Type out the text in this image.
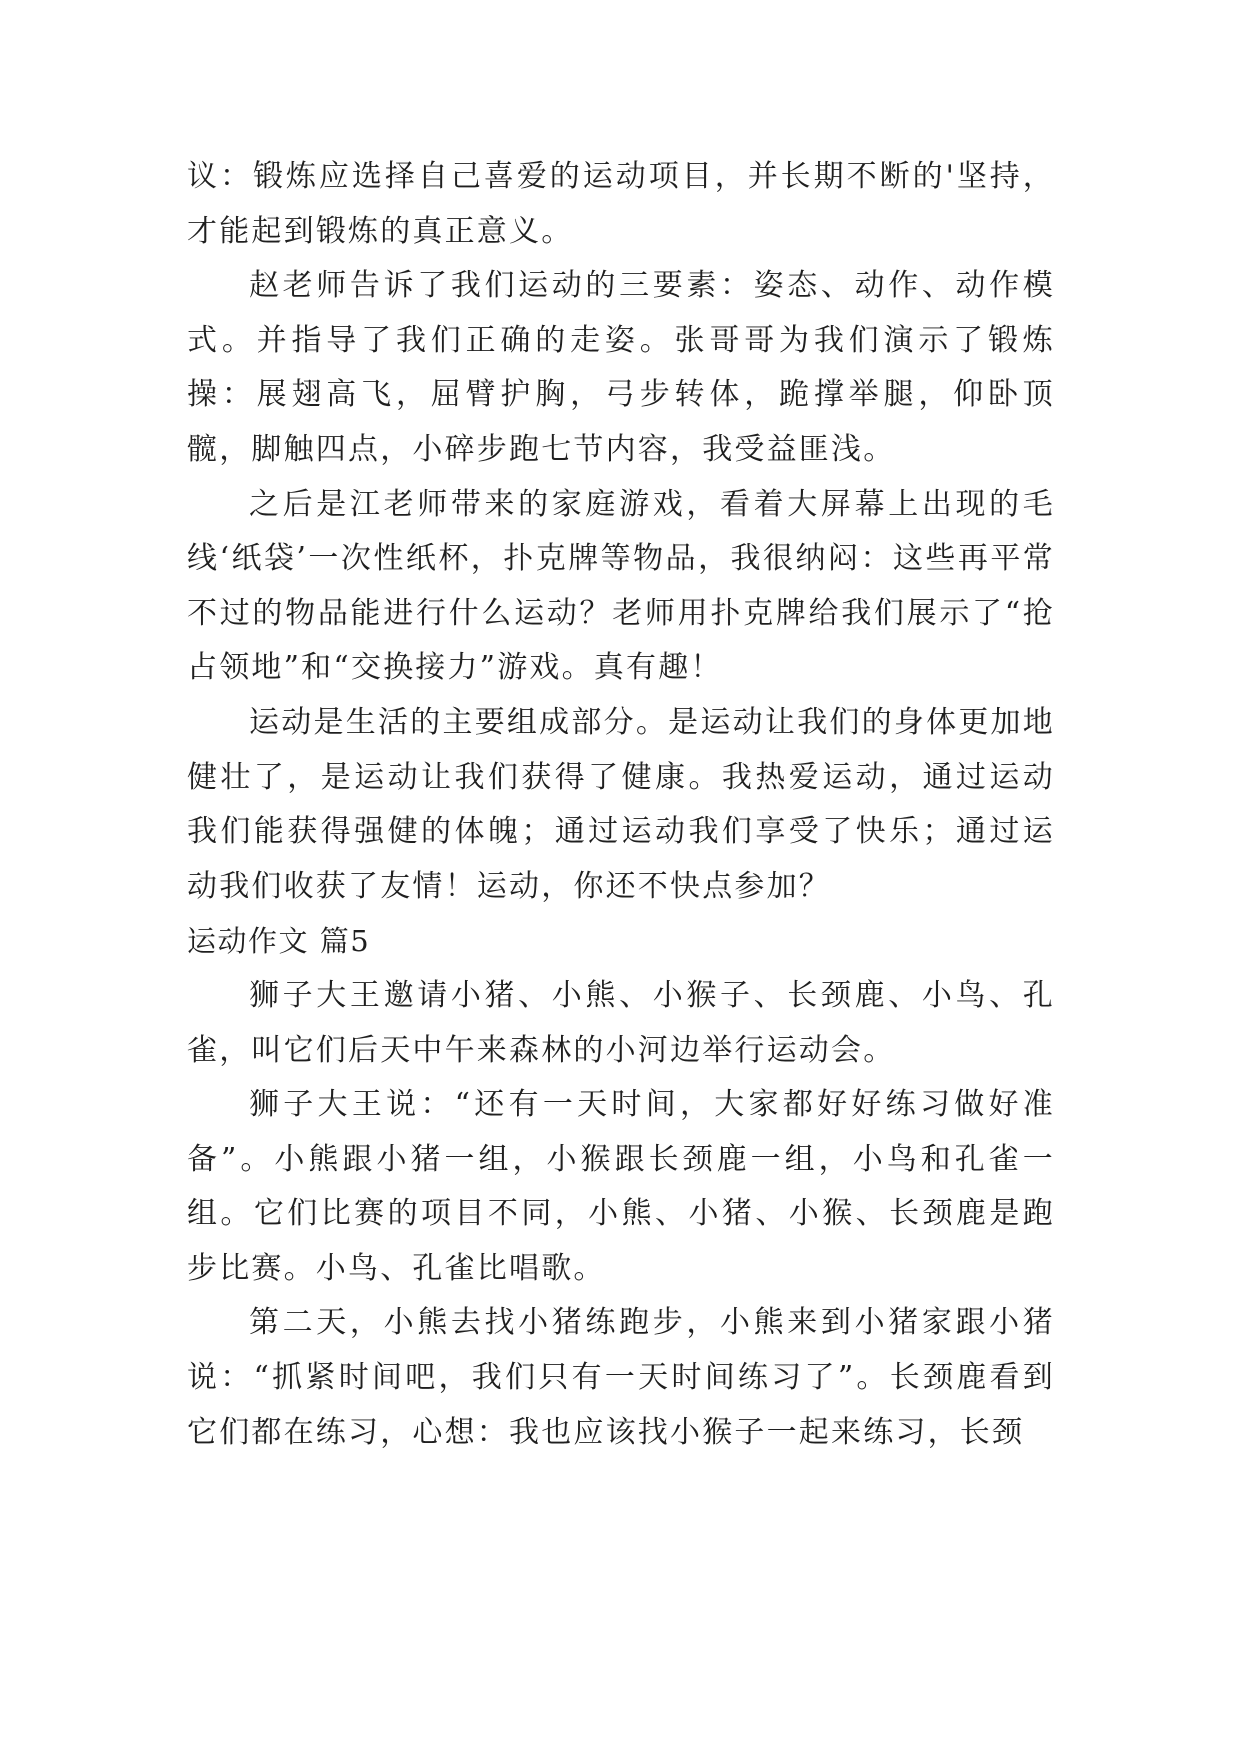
议：锻炼应选择自己喜爱的运动项目，并长期不断的'坚持，才能起到锻炼的真正意义。

赵老师告诉了我们运动的三要素：姿态、动作、动作模式。并指导了我们正确的走姿。张哥哥为我们演示了锻炼操：展翅高飞，屈臂护胸，弓步转体，跪撑举腿，仰卧顶髋，脚触四点，小碎步跑七节内容，我受益匪浅。

之后是江老师带来的家庭游戏，看着大屏幕上出现的毛线‘纸袋’一次性纸杯，扑克牌等物品，我很纳闷：这些再平常不过的物品能进行什么运动？老师用扑克牌给我们展示了“抢占领地”和“交换接力”游戏。真有趣！

运动是生活的主要组成部分。是运动让我们的身体更加地健壮了，是运动让我们获得了健康。我热爱运动，通过运动我们能获得强健的体魄；通过运动我们享受了快乐；通过运动我们收获了友情！运动，你还不快点参加？

运动作文 篇5

狮子大王邀请小猪、小熊、小猴子、长颈鹿、小鸟、孔雀，叫它们后天中午来森林的小河边举行运动会。

狮子大王说：“还有一天时间，大家都好好练习做好准备”。小熊跟小猪一组，小猴跟长颈鹿一组，小鸟和孔雀一组。它们比赛的项目不同，小熊、小猪、小猴、长颈鹿是跑步比赛。小鸟、孔雀比唱歌。

第二天，小熊去找小猪练跑步，小熊来到小猪家跟小猪说：“抓紧时间吧，我们只有一天时间练习了”。长颈鹿看到它们都在练习，心想：我也应该找小猴子一起来练习，长颈
